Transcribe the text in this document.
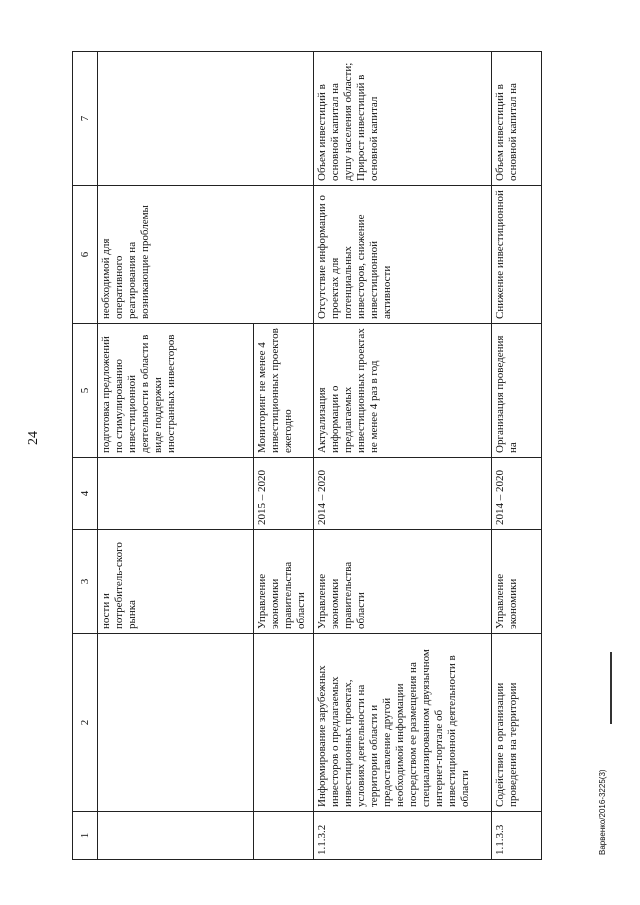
24
1	2	3	4	5	6	7
		ности и потребитель-ского рынка		подготовка предложений по стимулированию инвестиционной деятельности в области в виде поддержки иностранных инвесторов	необходимой для оперативного реагирования на возникающие проблемы	
		Управление экономики правительства области	2015 – 2020	Мониторинг не менее 4 инвестиционных проектов ежегодно		
1.1.3.2	Информирование зарубежных инвесторов о предлагаемых инвестиционных проектах, условиях деятельности на территории области и предоставление другой необходимой информации посредством ее размещения на специализированном двуязычном интернет-портале об инвестиционной деятельности в области	Управление экономики правительства области	2014 – 2020	Актуализация информации о предлагаемых инвестиционных проектах не менее 4 раз в год	Отсутствие информации о проектах для потенциальных инвесторов, снижение инвестиционной активности	Объем инвестиций в основной капитал на душу населения области; Прирост инвестиций в основной капитал
1.1.3.3	Содействие в организации проведения на территории	Управление экономики	2014 – 2020	Организация проведения на	Снижение инвестиционной	Объем инвестиций в основной капитал на
Варвенко/2016-3225(3)
